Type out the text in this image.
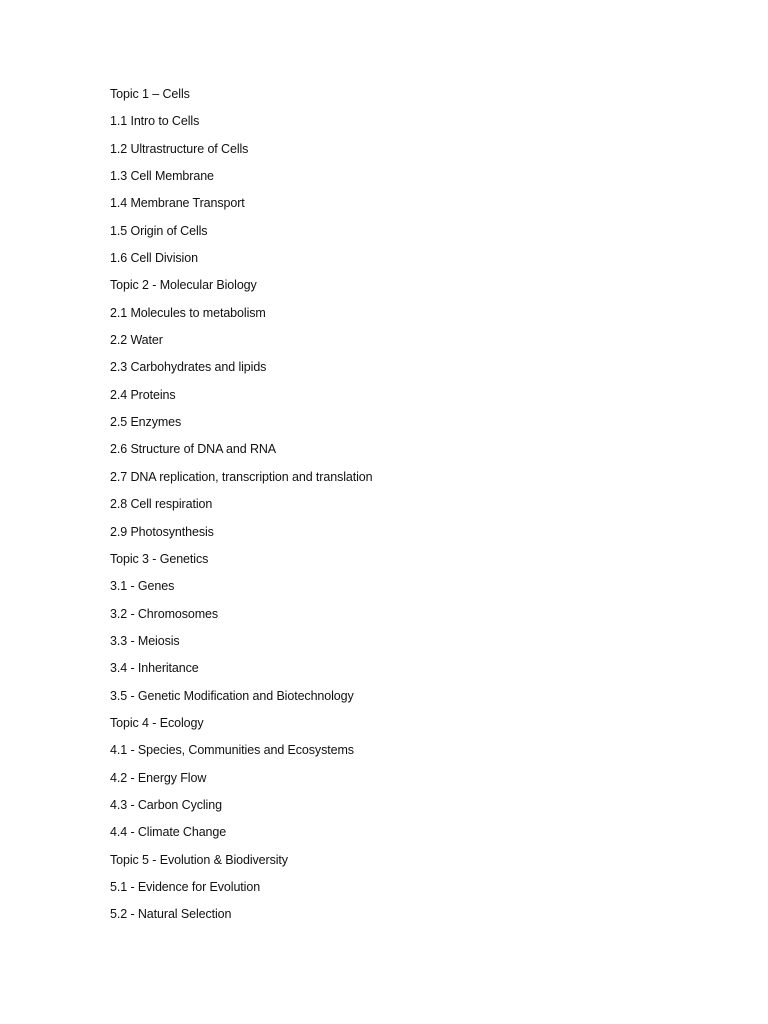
Topic 1 – Cells
1.1 Intro to Cells
1.2 Ultrastructure of Cells
1.3 Cell Membrane
1.4 Membrane Transport
1.5 Origin of Cells
1.6 Cell Division
Topic 2 - Molecular Biology
2.1 Molecules to metabolism
2.2 Water
2.3 Carbohydrates and lipids
2.4 Proteins
2.5 Enzymes
2.6 Structure of DNA and RNA
2.7 DNA replication, transcription and translation
2.8 Cell respiration
2.9 Photosynthesis
Topic 3 - Genetics
3.1 - Genes
3.2 - Chromosomes
3.3 - Meiosis
3.4 - Inheritance
3.5 - Genetic Modification and Biotechnology
Topic 4 - Ecology
4.1 - Species, Communities and Ecosystems
4.2 - Energy Flow
4.3 - Carbon Cycling
4.4 - Climate Change
Topic 5 - Evolution & Biodiversity
5.1 - Evidence for Evolution
5.2 - Natural Selection
